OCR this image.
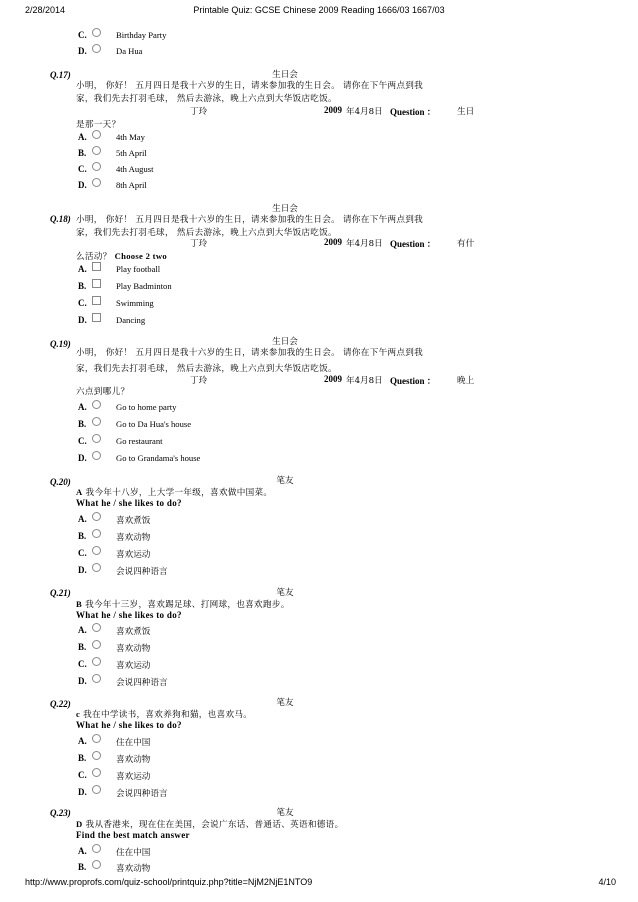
2/28/2014	Printable Quiz: GCSE Chinese 2009 Reading 1666/03 1667/03
C.	Birthday Party
D.	Da Hua
Q.17)	生日会
小明， 你好！ 五月四日是我十六岁的生日，请来参加我的生日会。 请你在下午两点到我
家，我们先去打羽毛球， 然后去游泳，晚上六点到大华饭店吃饭。
丁玲	2009 年4月8日 Question ： 生日
是那一天？
A.	4th May
B.	5th April
C.	4th August
D.	8th April
Q.18)
生日会
小明， 你好！ 五月四日是我十六岁的生日，请来参加我的生日会。 请你在下午两点到我
家，我们先去打羽毛球， 然后去游泳，晚上六点到大华饭店吃饭。
丁玲	2009 年4月8日 Question ： 有什
么活动？ Choose 2 two
A.	Play football
B.	Play Badminton
C.	Swimming
D.	Dancing
Q.19)	生日会
小明， 你好！ 五月四日是我十六岁的生日，请来参加我的生日会。 请你在下午两点到我
家，我们先去打羽毛球， 然后去游泳，晚上六点到大华饭店吃饭。
丁玲	2009 年4月8日 Question ： 晚上
六点到哪儿？
A.	Go to home party
B.	Go to Da Hua's house
C.	Go restaurant
D.	Go to Grandama's house
Q.20)	笔友
A 我今年十八岁，上大学一年级，喜欢做中国菜。
What he / she likes to do?
A.	喜欢煮饭
B.	喜欢动物
C.	喜欢运动
D.	会说四种语言
Q.21)	笔友
B 我今年十三岁，喜欢踢足球、打网球，也喜欢跑步。
What he / she likes to do?
A.	喜欢煮饭
B.	喜欢动物
C.	喜欢运动
D.	会说四种语言
Q.22)	笔友
c 我在中学读书，喜欢养狗和猫，也喜欢马。
What he / she likes to do?
A.	住在中国
B.	喜欢动物
C.	喜欢运动
D.	会说四种语言
Q.23)	笔友
D 我从香港来，现在住在美国，会说广东话、普通话、英语和德语。
Find the best match answer
A.	住在中国
B.	喜欢动物
http://www.proprofs.com/quiz-school/printquiz.php?title=NjM2NjE1NTO9	4/10
